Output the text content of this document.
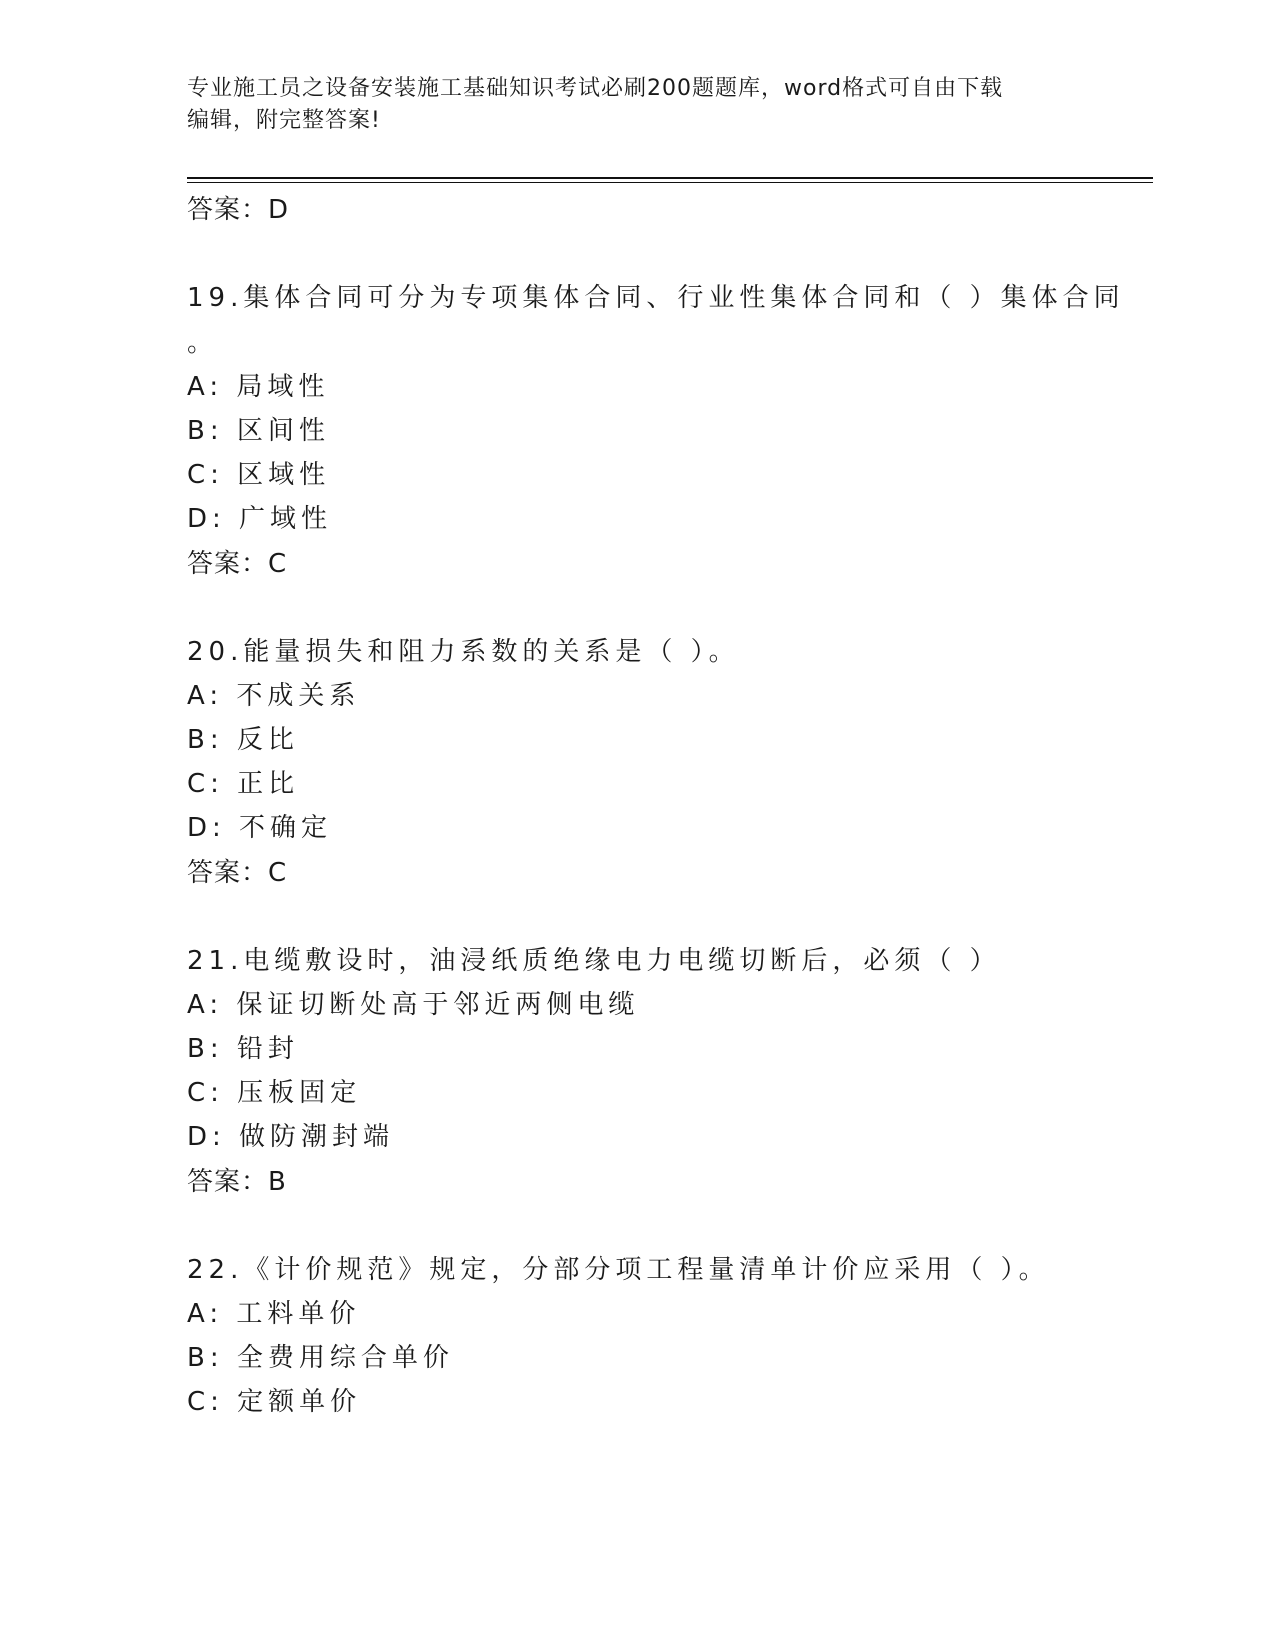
专业施工员之设备安装施工基础知识考试必刷200题题库，word格式可自由下载
编辑，附完整答案!
答案：D
19.集体合同可分为专项集体合同、行业性集体合同和（ ）集体合同
。
A: 局域性
B: 区间性
C: 区域性
D: 广域性
答案：C
20.能量损失和阻力系数的关系是（ ）。
A: 不成关系
B: 反比
C: 正比
D: 不确定
答案：C
21.电缆敷设时，油浸纸质绝缘电力电缆切断后，必须（ ）
A: 保证切断处高于邻近两侧电缆
B: 铅封
C: 压板固定
D: 做防潮封端
答案：B
22.《计价规范》规定，分部分项工程量清单计价应采用（ ）。
A: 工料单价
B: 全费用综合单价
C: 定额单价
